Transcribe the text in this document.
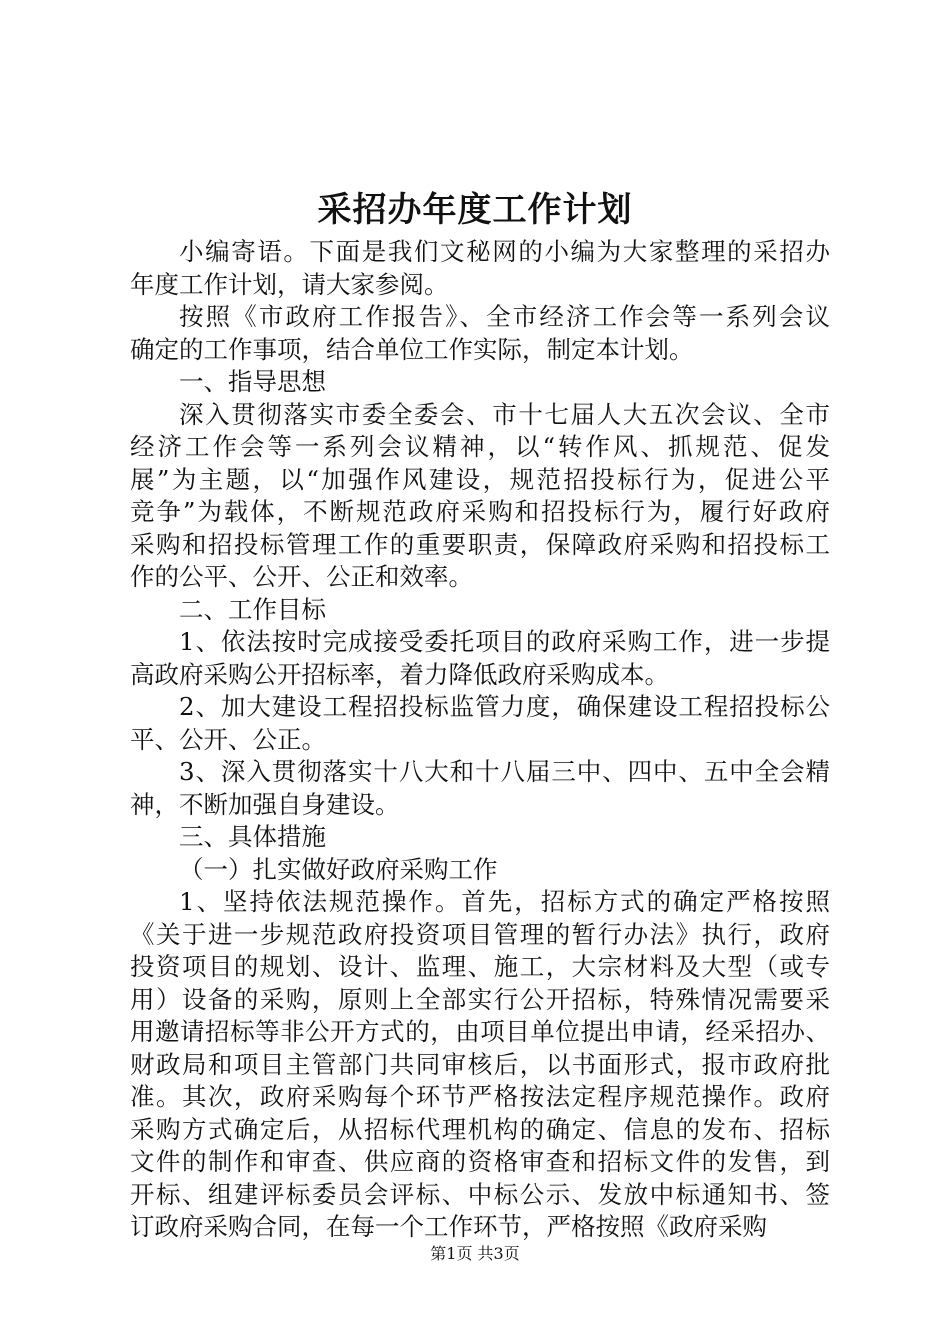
采招办年度工作计划

小编寄语。下面是我们文秘网的小编为大家整理的采招办
年度工作计划，请大家参阅。

按照《市政府工作报告》、全市经济工作会等一系列会议
确定的工作事项，结合单位工作实际，制定本计划。

一、指导思想

深入贯彻落实市委全委会、市十七届人大五次会议、全市
经济工作会等一系列会议精神，以“转作风、抓规范、促发
展”为主题，以“加强作风建设，规范招投标行为，促进公平
竞争”为载体，不断规范政府采购和招投标行为，履行好政府
采购和招投标管理工作的重要职责，保障政府采购和招投标工
作的公平、公开、公正和效率。

二、工作目标

1、依法按时完成接受委托项目的政府采购工作，进一步提
高政府采购公开招标率，着力降低政府采购成本。

2、加大建设工程招投标监管力度，确保建设工程招投标公
平、公开、公正。

3、深入贯彻落实十八大和十八届三中、四中、五中全会精
神，不断加强自身建设。

三、具体措施

（一）扎实做好政府采购工作

1、坚持依法规范操作。首先，招标方式的确定严格按照
《关于进一步规范政府投资项目管理的暂行办法》执行，政府
投资项目的规划、设计、监理、施工，大宗材料及大型（或专
用）设备的采购，原则上全部实行公开招标，特殊情况需要采
用邀请招标等非公开方式的，由项目单位提出申请，经采招办、
财政局和项目主管部门共同审核后，以书面形式，报市政府批
准。其次，政府采购每个环节严格按法定程序规范操作。政府
采购方式确定后，从招标代理机构的确定、信息的发布、招标
文件的制作和审查、供应商的资格审查和招标文件的发售，到
开标、组建评标委员会评标、中标公示、发放中标通知书、签
订政府采购合同，在每一个工作环节，严格按照《政府采购

第1页 共3页
